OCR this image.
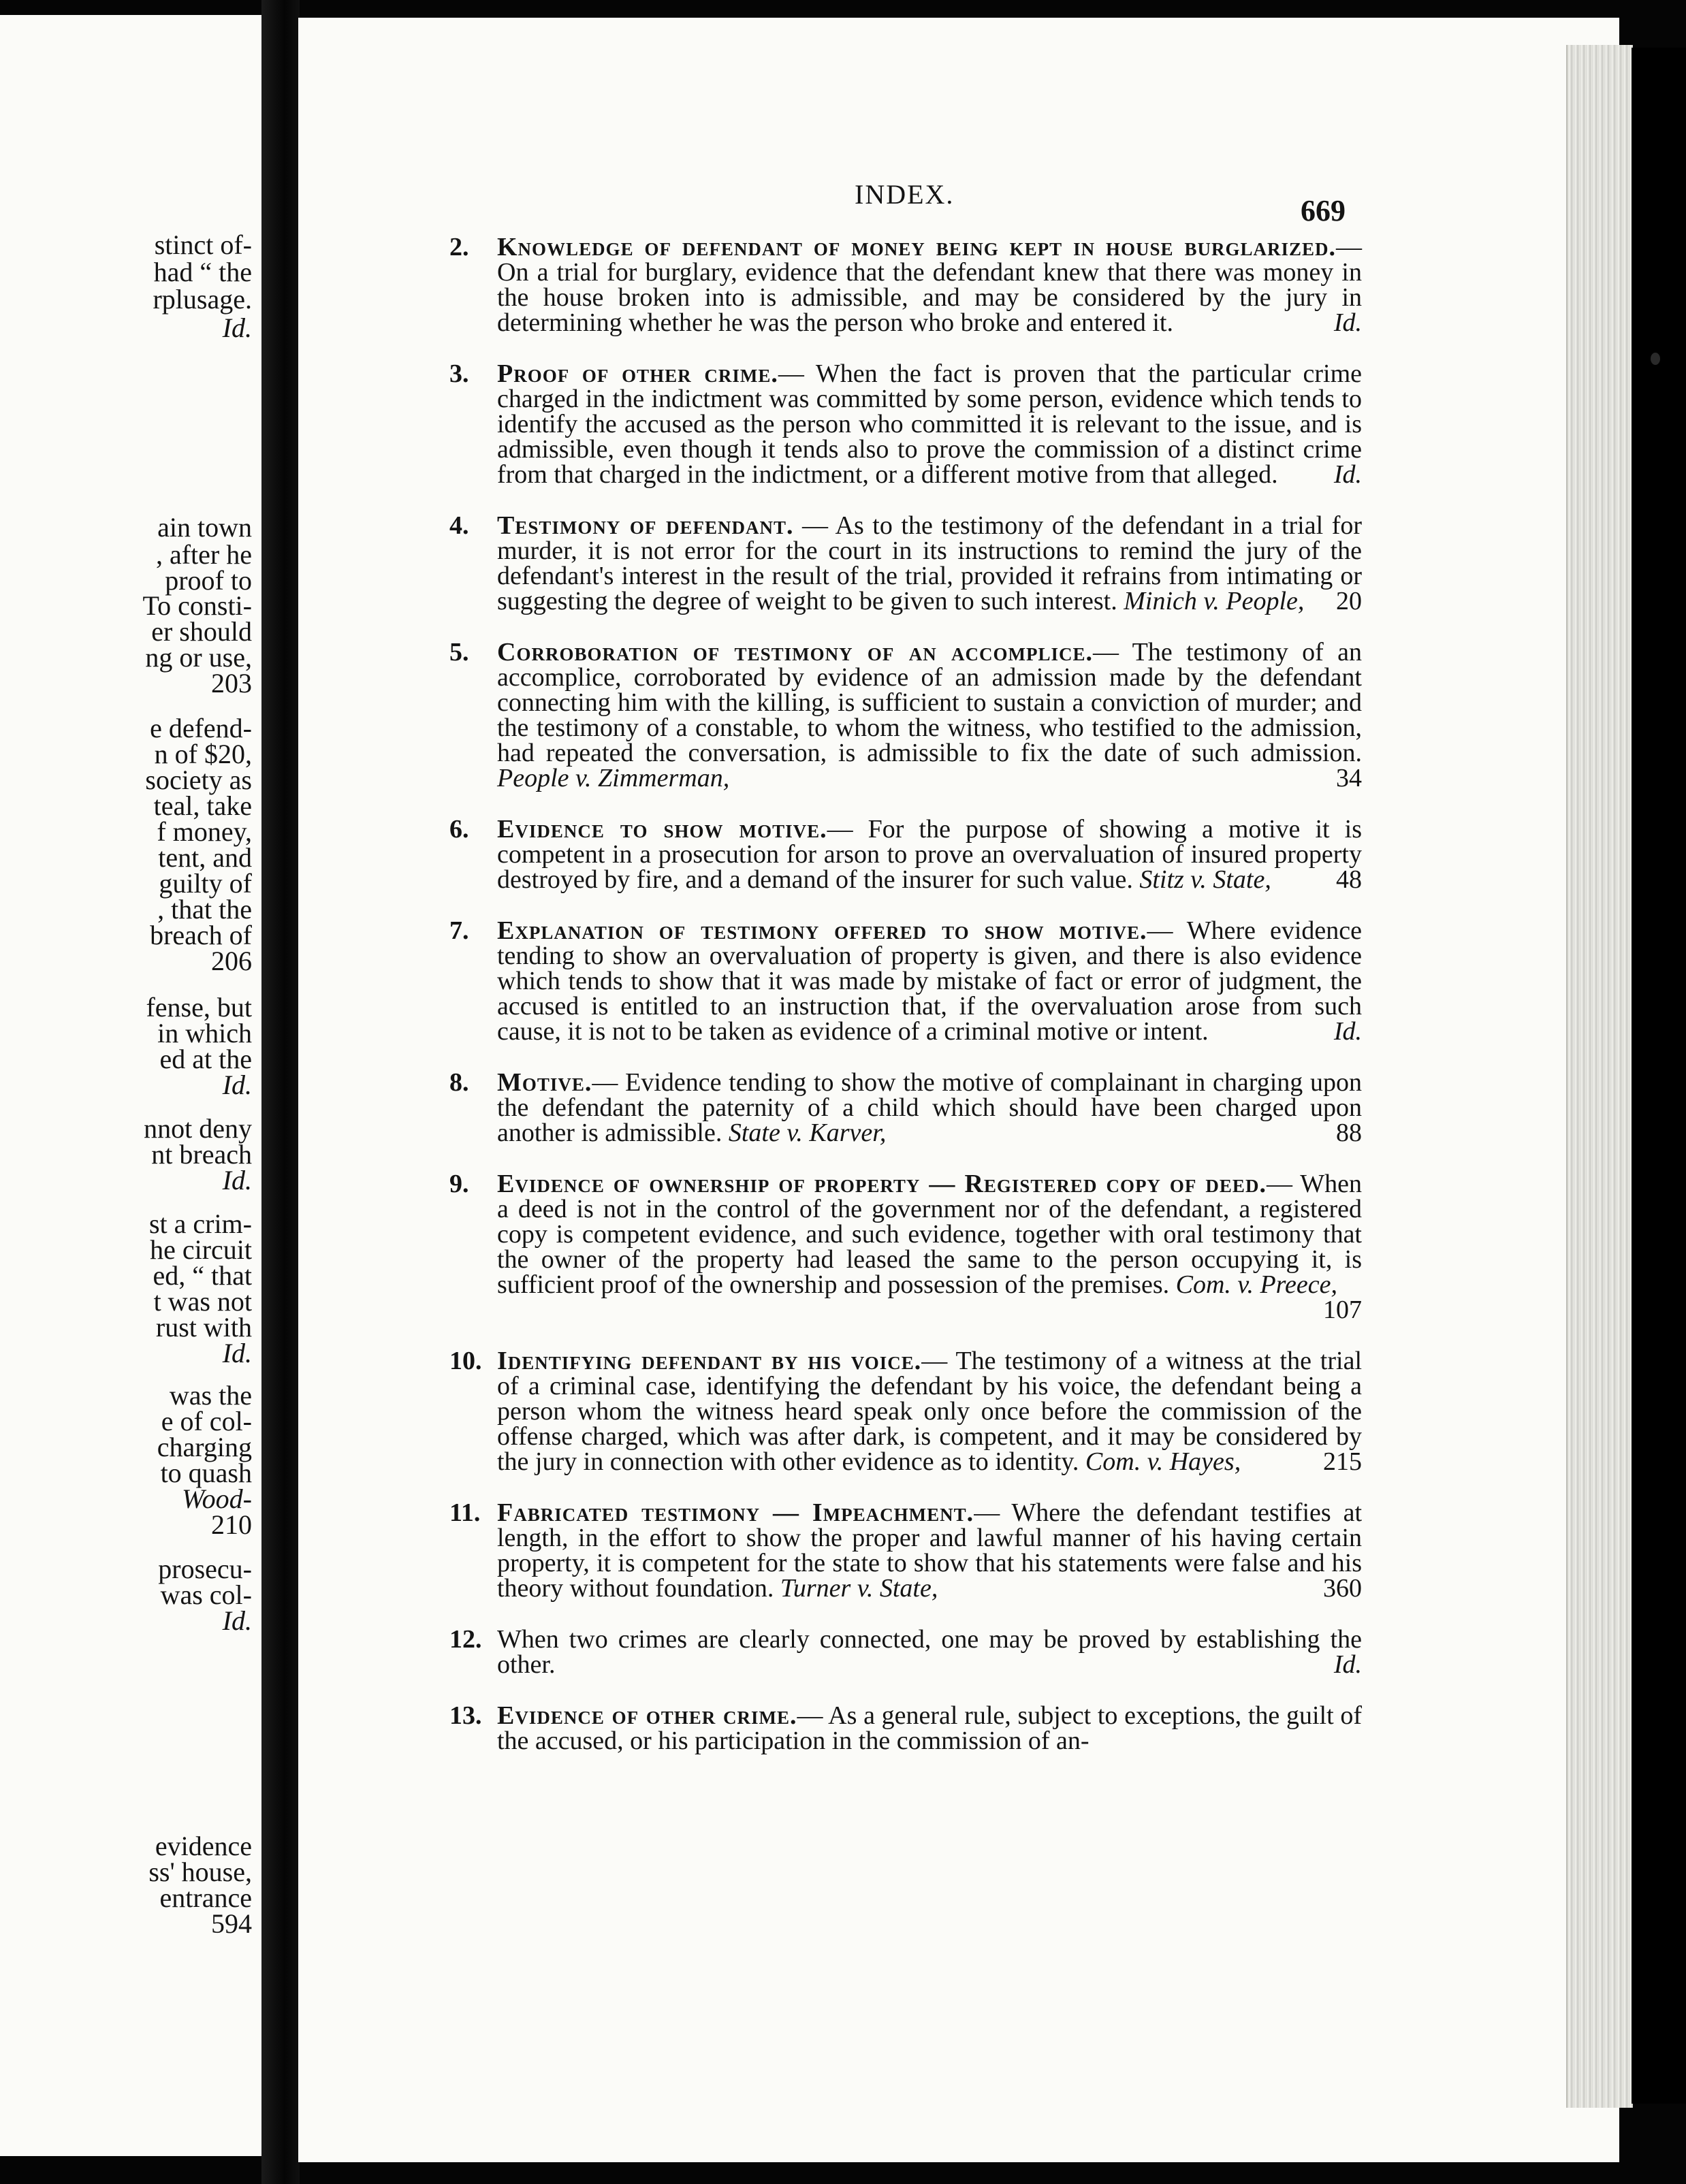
stinct of-
had “ the
rplusage.
Id.
ain town
, after he
proof to
To consti-
er should
ng or use,
203
e defend-
n of $20,
society as
teal, take
f money,
tent, and
guilty of
, that the
breach of
206
fense, but
in which
ed at the
Id.
nnot deny
nt breach
Id.
st a crim-
he circuit
ed, “ that
t was not
rust with
Id.
was the
e of col-
charging
to quash
Wood-
210
prosecu-
was col-
Id.
evidence
ss' house,
entrance
594
INDEX.	669
2. Knowledge of defendant of money being kept in house burglarized.— On a trial for burglary, evidence that the defendant knew that there was money in the house broken into is admissible, and may be considered by the jury in determining whether he was the person who broke and entered it.	Id.
3. Proof of other crime.— When the fact is proven that the particular crime charged in the indictment was committed by some person, evidence which tends to identify the accused as the person who committed it is relevant to the issue, and is admissible, even though it tends also to prove the commission of a distinct crime from that charged in the indictment, or a different motive from that alleged. Id.
4. Testimony of defendant. — As to the testimony of the defendant in a trial for murder, it is not error for the court in its instructions to remind the jury of the defendant's interest in the result of the trial, provided it refrains from intimating or suggesting the degree of weight to be given to such interest. Minich v. People, 20
5. Corroboration of testimony of an accomplice.— The testimony of an accomplice, corroborated by evidence of an admission made by the defendant connecting him with the killing, is sufficient to sustain a conviction of murder; and the testimony of a constable, to whom the witness, who testified to the admission, had repeated the conversation, is admissible to fix the date of such admission. People v. Zimmerman,	34
6. Evidence to show motive.— For the purpose of showing a motive it is competent in a prosecution for arson to prove an overvaluation of insured property destroyed by fire, and a demand of the insurer for such value. Stitz v. State,	48
7. Explanation of testimony offered to show motive.— Where evidence tending to show an overvaluation of property is given, and there is also evidence which tends to show that it was made by mistake of fact or error of judgment, the accused is entitled to an instruction that, if the overvaluation arose from such cause, it is not to be taken as evidence of a criminal motive or intent.	Id.
8. Motive.— Evidence tending to show the motive of complainant in charging upon the defendant the paternity of a child which should have been charged upon another is admissible. State v. Karver,	88
9. Evidence of ownership of property — Registered copy of deed.— When a deed is not in the control of the government nor of the defendant, a registered copy is competent evidence, and such evidence, together with oral testimony that the owner of the property had leased the same to the person occupying it, is sufficient proof of the ownership and possession of the premises. Com. v. Preece,
107
10. Identifying defendant by his voice.— The testimony of a witness at the trial of a criminal case, identifying the defendant by his voice, the defendant being a person whom the witness heard speak only once before the commission of the offense charged, which was after dark, is competent, and it may be considered by the jury in connection with other evidence as to identity. Com. v. Hayes,	215
11. Fabricated testimony — Impeachment.— Where the defendant testifies at length, in the effort to show the proper and lawful manner of his having certain property, it is competent for the state to show that his statements were false and his theory without foundation. Turner v. State,	360
12. When two crimes are clearly connected, one may be proved by establishing the other.	Id.
13. Evidence of other crime.— As a general rule, subject to exceptions, the guilt of the accused, or his participation in the commission of an-
